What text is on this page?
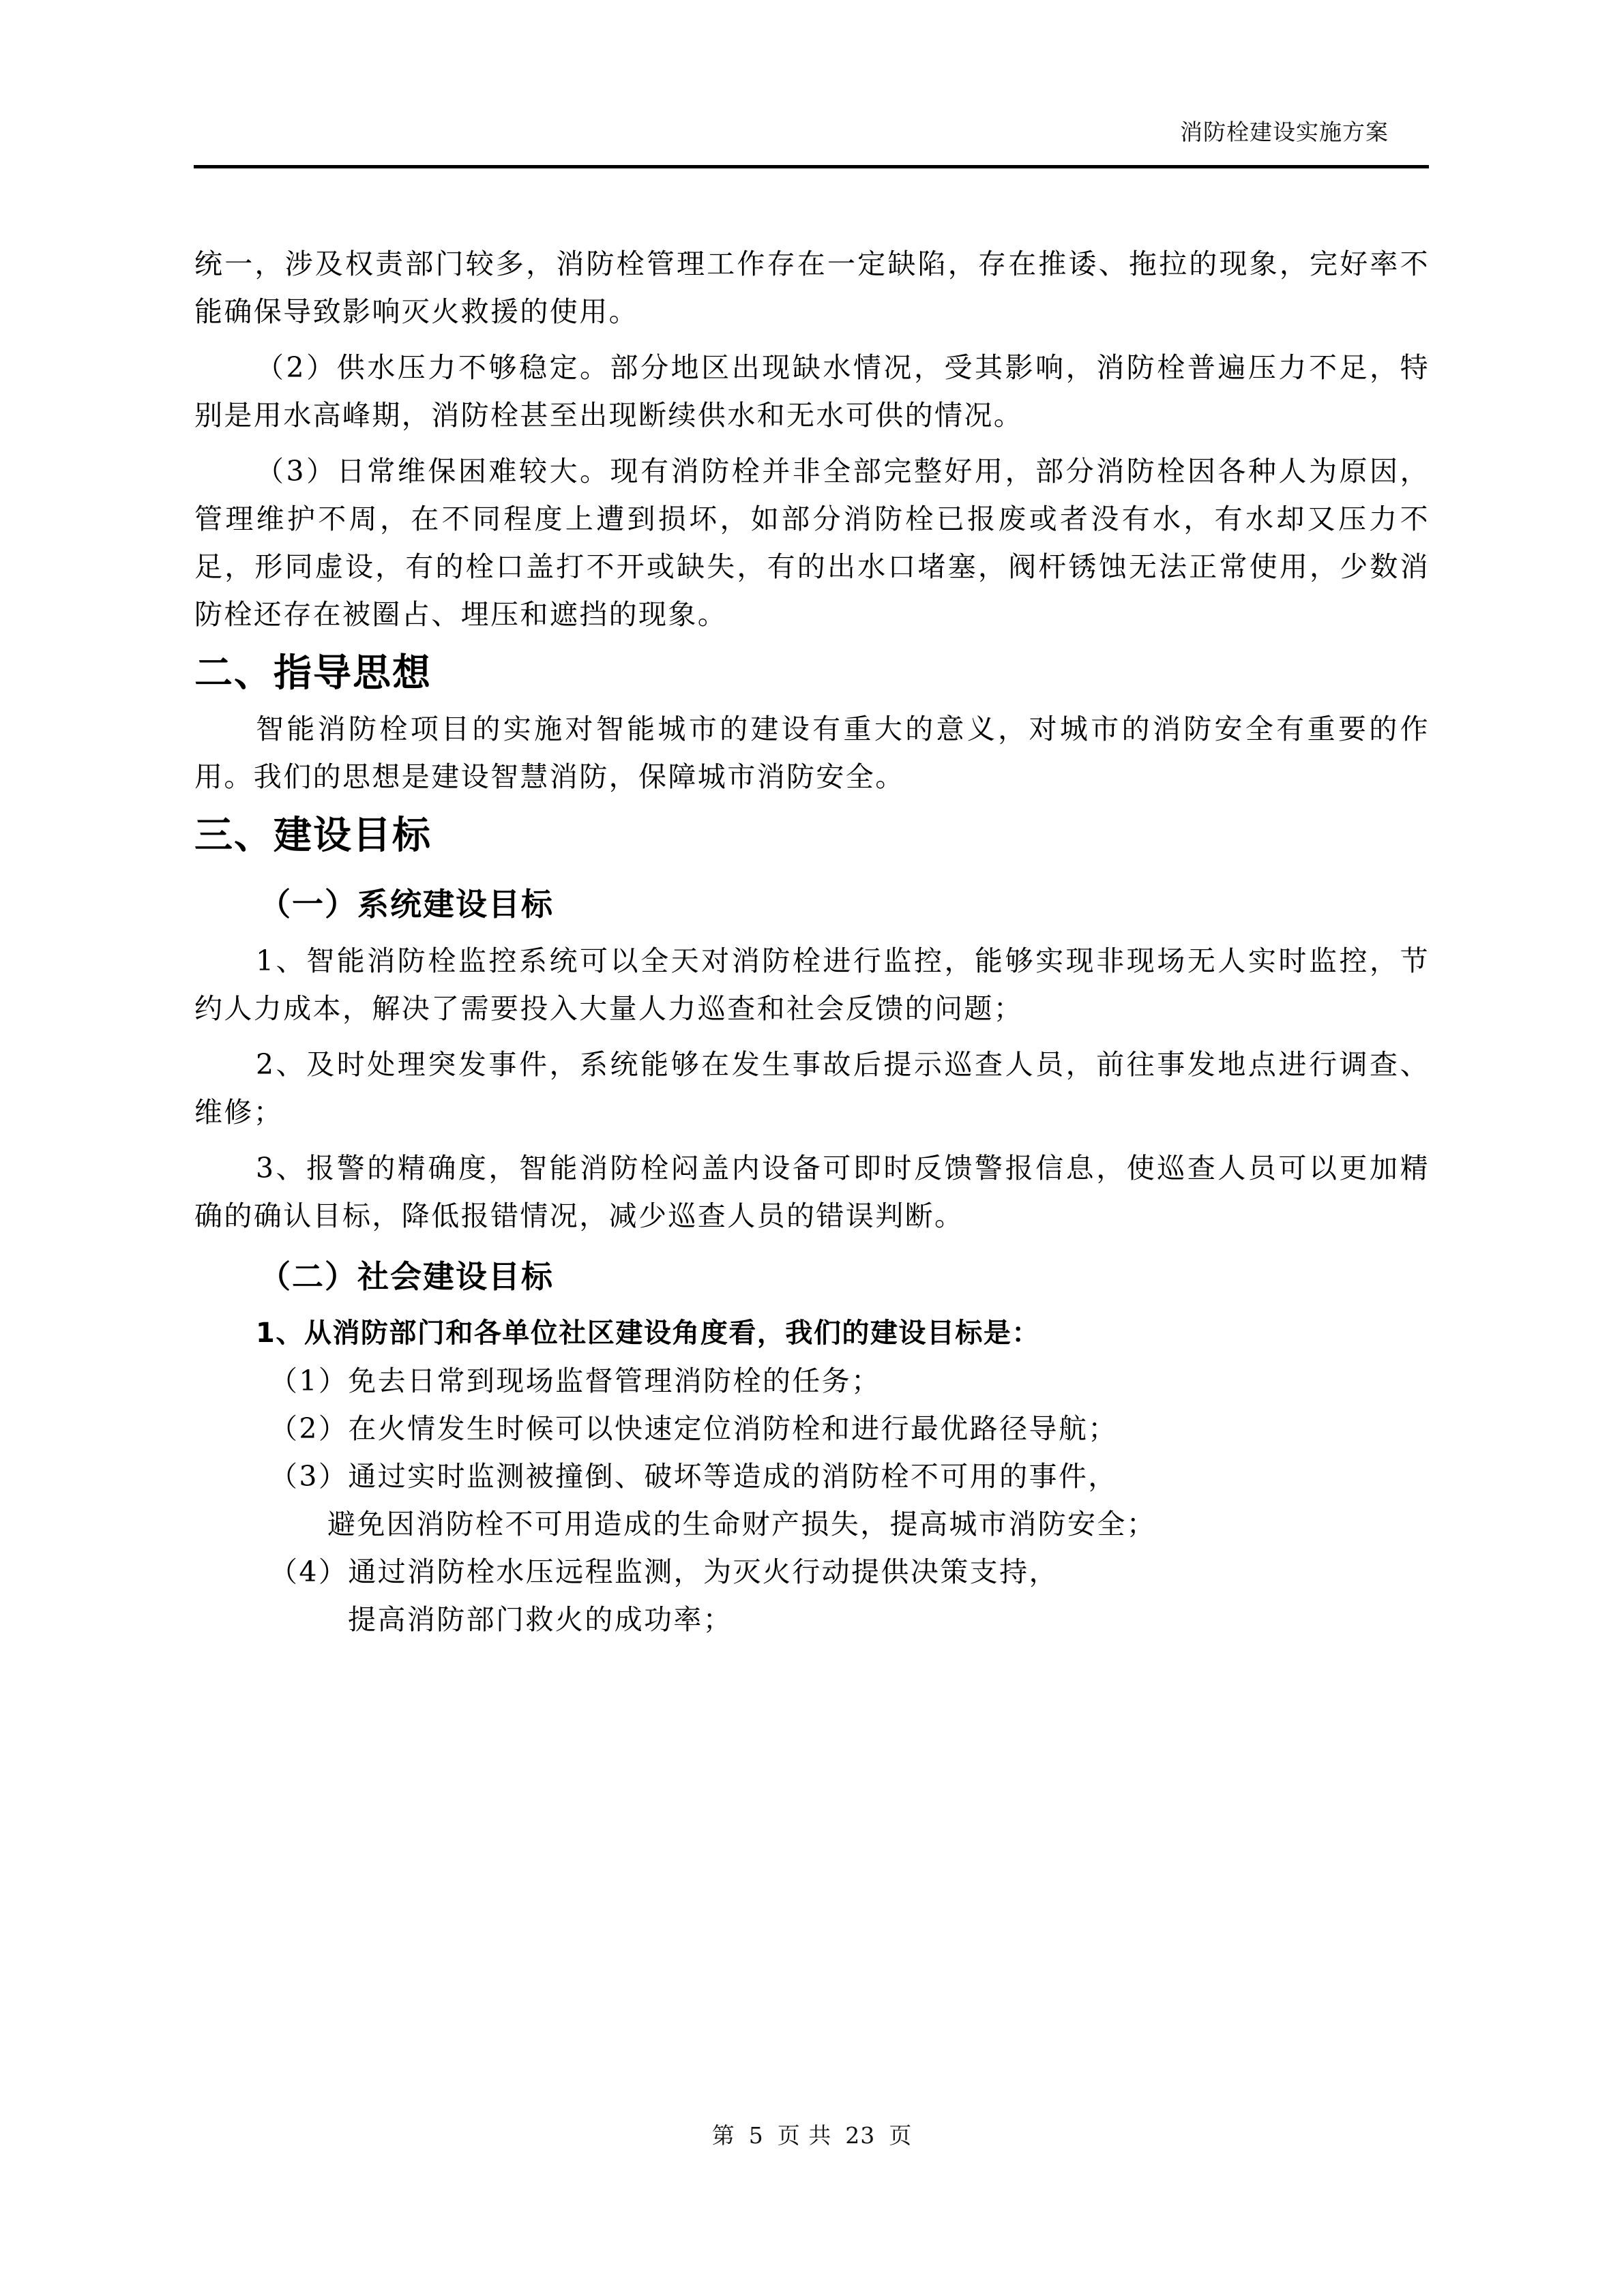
消防栓建设实施方案

统一，涉及权责部门较多，消防栓管理工作存在一定缺陷，存在推诿、拖拉的现象，完好率不能确保导致影响灭火救援的使用。

（2）供水压力不够稳定。部分地区出现缺水情况，受其影响，消防栓普遍压力不足，特别是用水高峰期，消防栓甚至出现断续供水和无水可供的情况。

（3）日常维保困难较大。现有消防栓并非全部完整好用，部分消防栓因各种人为原因，管理维护不周，在不同程度上遭到损坏，如部分消防栓已报废或者没有水，有水却又压力不足，形同虚设，有的栓口盖打不开或缺失，有的出水口堵塞，阀杆锈蚀无法正常使用，少数消防栓还存在被圈占、埋压和遮挡的现象。

二、指导思想

智能消防栓项目的实施对智能城市的建设有重大的意义，对城市的消防安全有重要的作用。我们的思想是建设智慧消防，保障城市消防安全。

三、建设目标
（一）系统建设目标

1、智能消防栓监控系统可以全天对消防栓进行监控，能够实现非现场无人实时监控，节约人力成本，解决了需要投入大量人力巡查和社会反馈的问题；

2、及时处理突发事件，系统能够在发生事故后提示巡查人员，前往事发地点进行调查、维修；

3、报警的精确度，智能消防栓闷盖内设备可即时反馈警报信息，使巡查人员可以更加精确的确认目标，降低报错情况，减少巡查人员的错误判断。

（二）社会建设目标
1、从消防部门和各单位社区建设角度看，我们的建设目标是：

（1）免去日常到现场监督管理消防栓的任务；

（2）在火情发生时候可以快速定位消防栓和进行最优路径导航；

（3）通过实时监测被撞倒、破坏等造成的消防栓不可用的事件，

避免因消防栓不可用造成的生命财产损失，提高城市消防安全；

（4）通过消防栓水压远程监测，为灭火行动提供决策支持，

提高消防部门救火的成功率；

第 5 页 共 23 页
